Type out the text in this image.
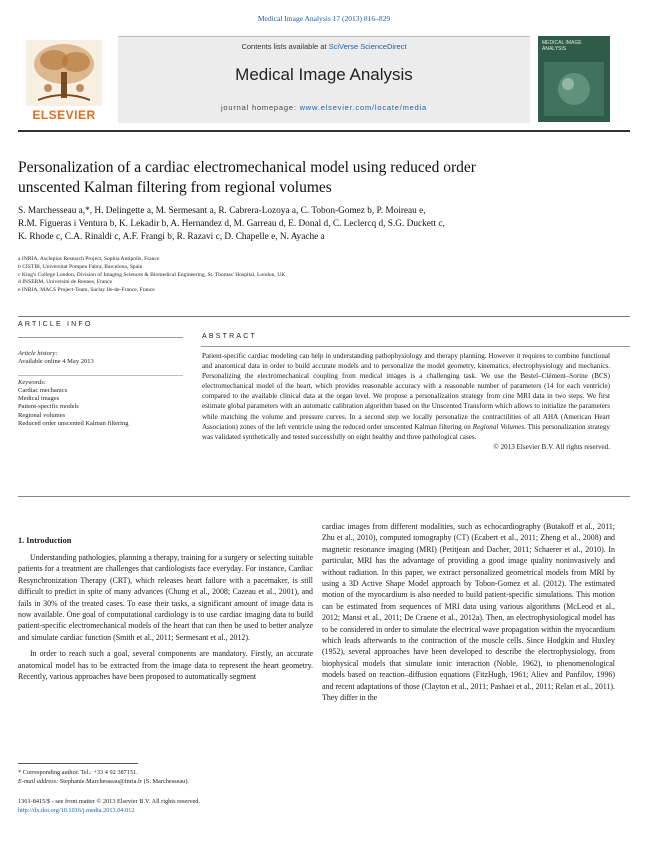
Medical Image Analysis 17 (2013) 816–829
ELSEVIER
Contents lists available at SciVerse ScienceDirect
Medical Image Analysis
journal homepage: www.elsevier.com/locate/media
MEDICAL IMAGE ANALYSIS
Personalization of a cardiac electromechanical model using reduced order
unscented Kalman filtering from regional volumes
S. Marchesseau a,*, H. Delingette a, M. Sermesant a, R. Cabrera-Lozoya a, C. Tobon-Gomez b, P. Moireau e,
R.M. Figueras i Ventura b, K. Lekadir b, A. Hernandez d, M. Garreau d, E. Donal d, C. Leclercq d, S.G. Duckett c,
K. Rhode c, C.A. Rinaldi c, A.F. Frangi b, R. Razavi c, D. Chapelle e, N. Ayache a
a INRIA, Asclepios Research Project, Sophia Antipolis, France
b CISTIB, Universitat Pompeu Fabra, Barcelona, Spain
c King's College London, Division of Imaging Sciences & Biomedical Engineering, St. Thomas' Hospital, London, UK
d INSERM, Université de Rennes, France
e INRIA, MACS Project-Team, Saclay Ile-de-France, France
ARTICLE INFO
ABSTRACT
Article history:
Available online 4 May 2013
Keywords:
Cardiac mechanics
Medical images
Patient-specific models
Regional volumes
Reduced order unscented Kalman filtering
Patient-specific cardiac modeling can help in understanding pathophysiology and therapy planning. However it requires to combine functional and anatomical data in order to build accurate models and to personalize the model geometry, kinematics, electrophysiology and mechanics. Personalizing the electromechanical coupling from medical images is a challenging task. We use the Bestel–Clément–Sorine (BCS) electromechanical model of the heart, which provides reasonable accuracy with a reasonable number of parameters (14 for each ventricle) compared to the available clinical data at the organ level. We propose a personalization strategy from cine MRI data in two steps. We first estimate global parameters with an automatic calibration algorithm based on the Unscented Transform which allows to initialize the parameters while matching the volume and pressure curves. In a second step we locally personalize the contractilities of all AHA (American Heart Association) zones of the left ventricle using the reduced order unscented Kalman filtering on Regional Volumes. This personalization strategy was validated synthetically and tested successfully on eight healthy and three pathological cases.
© 2013 Elsevier B.V. All rights reserved.
1. Introduction

Understanding pathologies, planning a therapy, training for a surgery or selecting suitable patients for a treatment are challenges that cardiologists face everyday. For instance, Cardiac Resynchronization Therapy (CRT), which releases heart failure with a pacemaker, is still difficult to predict in spite of many advances (Chung et al., 2008; Cazeau et al., 2001), and fails in 30% of the treated cases. To ease their tasks, a significant amount of image data is now available. One goal of computational cardiology is to use cardiac imaging data to build patient-specific electromechanical models of the heart that can then be used to better analyze and simulate cardiac function (Smith et al., 2011; Sermesant et al., 2012).

In order to reach such a goal, several components are mandatory. Firstly, an accurate anatomical model has to be extracted from the image data to represent the heart geometry. Recently, various approaches have been proposed to automatically segment

cardiac images from different modalities, such as echocardiography (Butakoff et al., 2011; Zhu et al., 2010), computed tomography (CT) (Ecabert et al., 2011; Zheng et al., 2008) and magnetic resonance imaging (MRI) (Petitjean and Dacher, 2011; Schaerer et al., 2010). In particular, MRI has the advantage of providing a good image quality noninvasively and without radiation. In this paper, we extract personalized geometrical models from MRI by using a 3D Active Shape Model approach by Tobon-Gomez et al. (2012). The estimated motion of the myocardium is also needed to build patient-specific simulations. This motion can be estimated from sequences of MRI data using various algorithms (McLeod et al., 2012; Mansi et al., 2011; De Craene et al., 2012a). Then, an electrophysiological model has to be considered in order to simulate the electrical wave propagation within the myocardium which leads afterwards to the contraction of the muscle cells. Since Hodgkin and Huxley (1952), several approaches have been developed to describe the electrophysiology, from biophysical models that simulate ionic interaction (Noble, 1962), to phenomenological models based on reaction–diffusion equations (FitzHugh, 1961; Aliev and Panfilov, 1996) and recent adaptations of those (Clayton et al., 2011; Pashaei et al., 2011; Relan et al., 2011). They differ in the

* Corresponding author. Tel.: +33 4 92 387151.
E-mail address: Stephanie.Marchesseau@inria.fr (S. Marchesseau).
1361-8415/$ - see front matter © 2013 Elsevier B.V. All rights reserved.
http://dx.doi.org/10.1016/j.media.2013.04.012
